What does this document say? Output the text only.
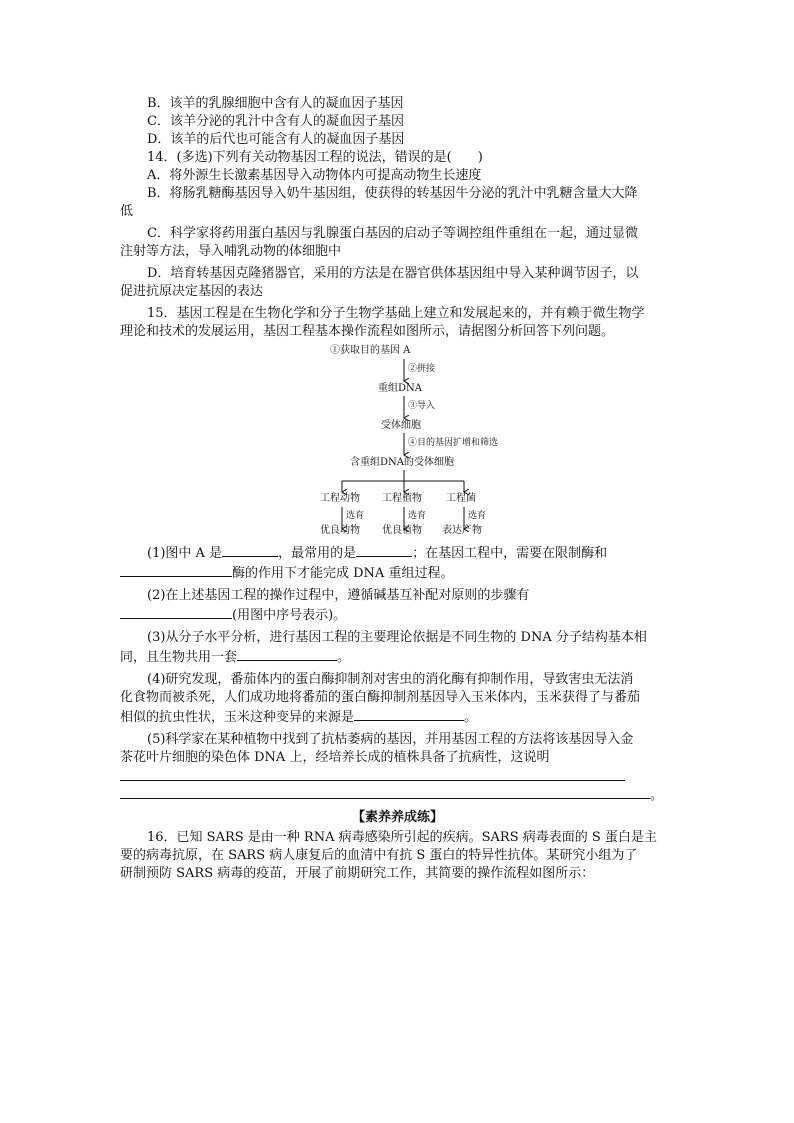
B．该羊的乳腺细胞中含有人的凝血因子基因
C．该羊分泌的乳汁中含有人的凝血因子基因
D．该羊的后代也可能含有人的凝血因子基因
14．(多选)下列有关动物基因工程的说法，错误的是(　　)
A．将外源生长激素基因导入动物体内可提高动物生长速度
B．将肠乳糖酶基因导入奶牛基因组，使获得的转基因牛分泌的乳汁中乳糖含量大大降
低
C．科学家将药用蛋白基因与乳腺蛋白基因的启动子等调控组件重组在一起，通过显微
注射等方法，导入哺乳动物的体细胞中
D．培育转基因克隆猪器官，采用的方法是在器官供体基因组中导入某种调节因子，以
促进抗原决定基因的表达
15．基因工程是在生物化学和分子生物学基础上建立和发展起来的，并有赖于微生物学
理论和技术的发展运用，基因工程基本操作流程如图所示，请据图分析回答下列问题。
①获取目的基因 A
②拼接
重组DNA
③导入
受体细胞
④目的基因扩增和筛选
含重组DNA的受体细胞
工程动物 工程植物 工程菌
选育	选育	选育
优良动物 优良植物 表达产物
(1)图中 A 是	，最常用的是	；在基因工程中，需要在限制酶和
酶的作用下才能完成 DNA 重组过程。
(2)在上述基因工程的操作过程中，遵循碱基互补配对原则的步骤有
(用图中序号表示)。
(3)从分子水平分析，进行基因工程的主要理论依据是不同生物的 DNA 分子结构基本相
同，且生物共用一套	。
(4)研究发现，番茄体内的蛋白酶抑制剂对害虫的消化酶有抑制作用，导致害虫无法消
化食物而被杀死，人们成功地将番茄的蛋白酶抑制剂基因导入玉米体内，玉米获得了与番茄
相似的抗虫性状，玉米这种变异的来源是	。
(5)科学家在某种植物中找到了抗枯萎病的基因，并用基因工程的方法将该基因导入金
茶花叶片细胞的染色体 DNA 上，经培养长成的植株具备了抗病性，这说明
。
【素养养成练】
16．已知 SARS 是由一种 RNA 病毒感染所引起的疾病。SARS 病毒表面的 S 蛋白是主
要的病毒抗原，在 SARS 病人康复后的血清中有抗 S 蛋白的特异性抗体。某研究小组为了
研制预防 SARS 病毒的疫苗，开展了前期研究工作，其简要的操作流程如图所示：
